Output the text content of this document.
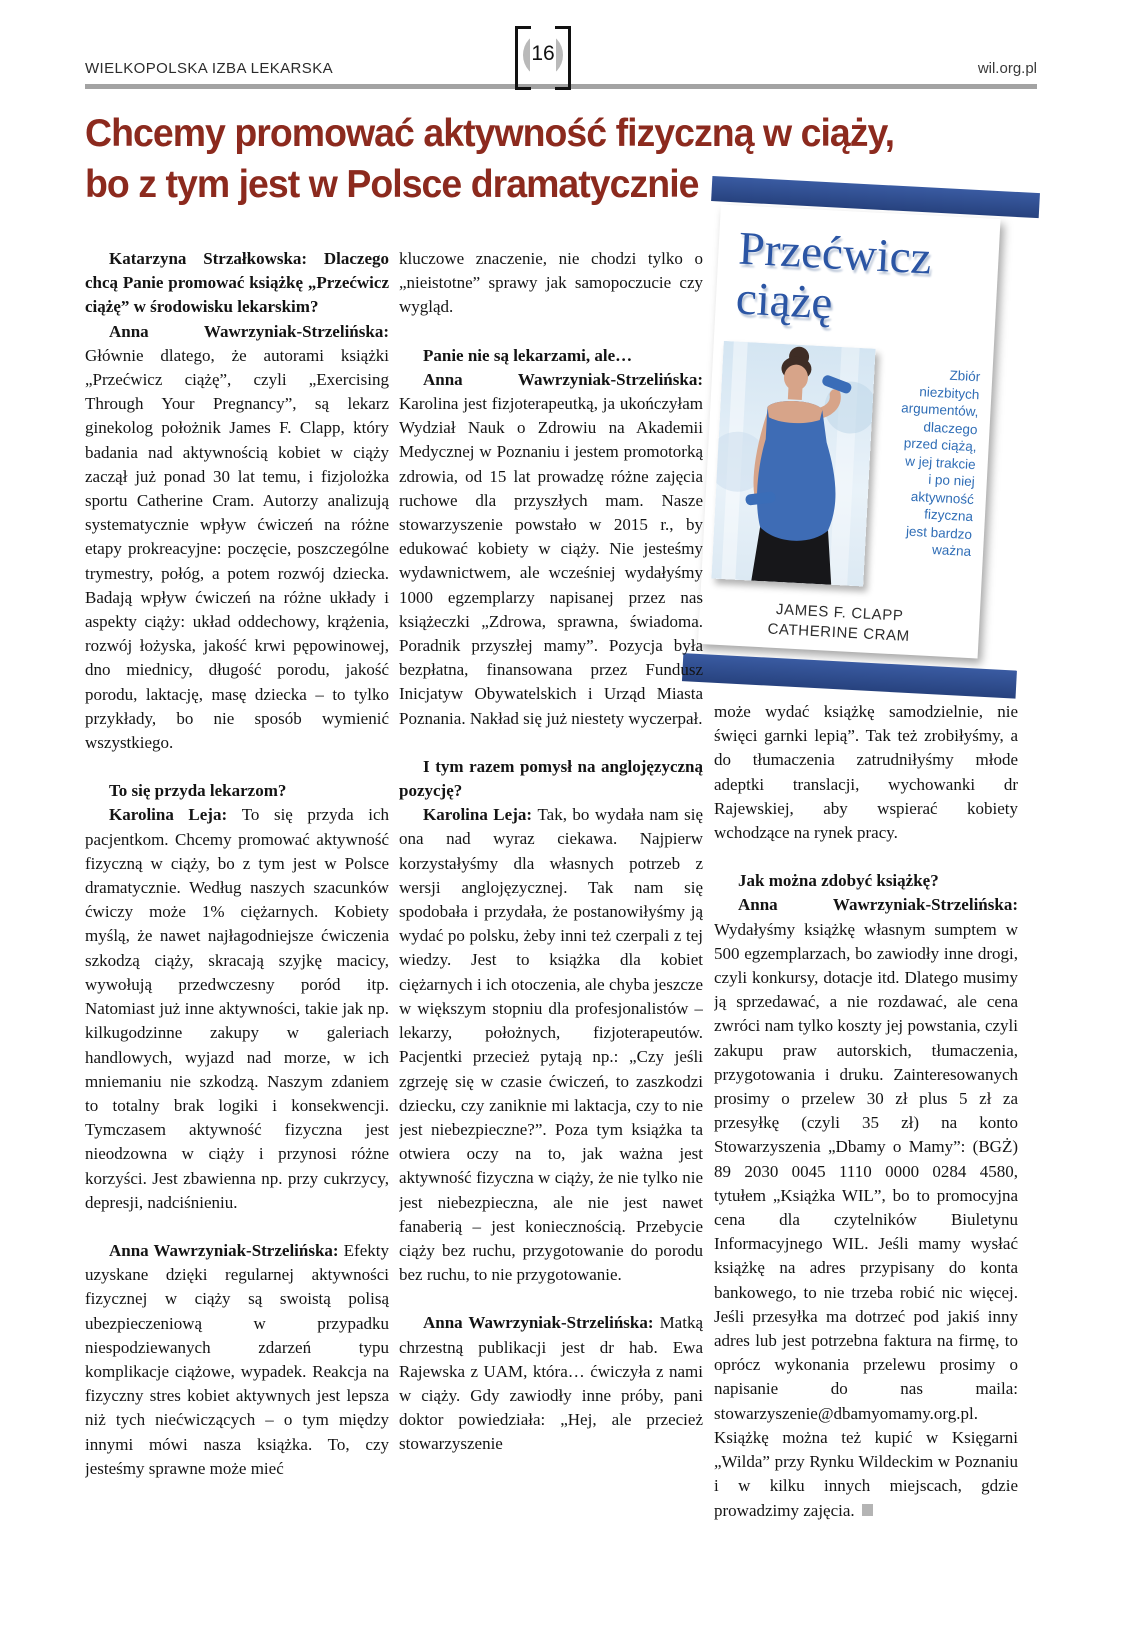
WIELKOPOLSKA IZBA LEKARSKA	wil.org.pl
16
Chcemy promować aktywność fizyczną w ciąży,
bo z tym jest w Polsce dramatycznie
Przećwicz
ciążę
Zbiór
niezbitych
argumentów,
dlaczego
przed ciążą,
w jej trakcie
i po niej
aktywność
fizyczna
jest bardzo
ważna
JAMES F. CLAPP
CATHERINE CRAM

Katarzyna Strzałkowska: Dlaczego chcą Panie promować książkę „Przećwicz ciążę” w środowisku lekarskim?

Anna Wawrzyniak-Strzelińska: Głównie dlatego, że autorami książki „Przećwicz ciążę”, czyli „Exercising Through Your Pregnancy”, są lekarz ginekolog położnik James F. Clapp, który badania nad aktywnością kobiet w ciąży zaczął już ponad 30 lat temu, i fizjolożka sportu Catherine Cram. Autorzy analizują systematycznie wpływ ćwiczeń na różne etapy prokreacyjne: poczęcie, poszczególne trymestry, połóg, a potem rozwój dziecka. Badają wpływ ćwiczeń na różne układy i aspekty ciąży: układ oddechowy, krążenia, rozwój łożyska, jakość krwi pępowinowej, dno miednicy, długość porodu, jakość porodu, laktację, masę dziecka – to tylko przykłady, bo nie sposób wymienić wszystkiego.

To się przyda lekarzom?

Karolina Leja: To się przyda ich pacjentkom. Chcemy promować aktywność fizyczną w ciąży, bo z tym jest w Polsce dramatycznie. Według naszych szacunków ćwiczy może 1% ciężarnych. Kobiety myślą, że nawet najłagodniejsze ćwiczenia szkodzą ciąży, skracają szyjkę macicy, wywołują przedwczesny poród itp. Natomiast już inne aktywności, takie jak np. kilkugodzinne zakupy w galeriach handlowych, wyjazd nad morze, w ich mniemaniu nie szkodzą. Naszym zdaniem to totalny brak logiki i konsekwencji. Tymczasem aktywność fizyczna jest nieodzowna w ciąży i przynosi różne korzyści. Jest zbawienna np. przy cukrzycy, depresji, nadciśnieniu.

Anna Wawrzyniak-Strzelińska: Efekty uzyskane dzięki regularnej aktywności fizycznej w ciąży są swoistą polisą ubezpieczeniową w przypadku niespodziewanych zdarzeń typu komplikacje ciążowe, wypadek. Reakcja na fizyczny stres kobiet aktywnych jest lepsza niż tych niećwiczących – o tym między innymi mówi nasza książka. To, czy jesteśmy sprawne może mieć

kluczowe znaczenie, nie chodzi tylko o „nieistotne” sprawy jak samopoczucie czy wygląd.

Panie nie są lekarzami, ale…

Anna Wawrzyniak-Strzelińska: Karolina jest fizjoterapeutką, ja ukończyłam Wydział Nauk o Zdrowiu na Akademii Medycznej w Poznaniu i jestem promotorką zdrowia, od 15 lat prowadzę różne zajęcia ruchowe dla przyszłych mam. Nasze stowarzyszenie powstało w 2015 r., by edukować kobiety w ciąży. Nie jesteśmy wydawnictwem, ale wcześniej wydałyśmy 1000 egzemplarzy napisanej przez nas książeczki „Zdrowa, sprawna, świadoma. Poradnik przyszłej mamy”. Pozycja była bezpłatna, finansowana przez Fundusz Inicjatyw Obywatelskich i Urząd Miasta Poznania. Nakład się już niestety wyczerpał.

I tym razem pomysł na anglojęzyczną pozycję?

Karolina Leja: Tak, bo wydała nam się ona nad wyraz ciekawa. Najpierw korzystałyśmy dla własnych potrzeb z wersji anglojęzycznej. Tak nam się spodobała i przydała, że postanowiłyśmy ją wydać po polsku, żeby inni też czerpali z tej wiedzy. Jest to książka dla kobiet ciężarnych i ich otoczenia, ale chyba jeszcze w większym stopniu dla profesjonalistów – lekarzy, położnych, fizjoterapeutów. Pacjentki przecież pytają np.: „Czy jeśli zgrzeję się w czasie ćwiczeń, to zaszkodzi dziecku, czy zaniknie mi laktacja, czy to nie jest niebezpieczne?”. Poza tym książka ta otwiera oczy na to, jak ważna jest aktywność fizyczna w ciąży, że nie tylko nie jest niebezpieczna, ale nie jest nawet fanaberią – jest koniecznością. Przebycie ciąży bez ruchu, przygotowanie do porodu bez ruchu, to nie przygotowanie.

Anna Wawrzyniak-Strzelińska: Matką chrzestną publikacji jest dr hab. Ewa Rajewska z UAM, która… ćwiczyła z nami w ciąży. Gdy zawiodły inne próby, pani doktor powiedziała: „Hej, ale przecież stowarzyszenie

może wydać książkę samodzielnie, nie święci garnki lepią”. Tak też zrobiłyśmy, a do tłumaczenia zatrudniłyśmy młode adeptki translacji, wychowanki dr Rajewskiej, aby wspierać kobiety wchodzące na rynek pracy.

Jak można zdobyć książkę?

Anna Wawrzyniak-Strzelińska: Wydałyśmy książkę własnym sumptem w 500 egzemplarzach, bo zawiodły inne drogi, czyli konkursy, dotacje itd. Dlatego musimy ją sprzedawać, a nie rozdawać, ale cena zwróci nam tylko koszty jej powstania, czyli zakupu praw autorskich, tłumaczenia, przygotowania i druku. Zainteresowanych prosimy o przelew 30 zł plus 5 zł za przesyłkę (czyli 35 zł) na konto Stowarzyszenia „Dbamy o Mamy”: (BGŻ) 89 2030 0045 1110 0000 0284 4580, tytułem „Książka WIL”, bo to promocyjna cena dla czytelników Biuletynu Informacyjnego WIL. Jeśli mamy wysłać książkę na adres przypisany do konta bankowego, to nie trzeba robić nic więcej. Jeśli przesyłka ma dotrzeć pod jakiś inny adres lub jest potrzebna faktura na firmę, to oprócz wykonania przelewu prosimy o napisanie do nas maila: stowarzyszenie@dbamyomamy.org.pl. Książkę można też kupić w Księgarni „Wilda” przy Rynku Wildeckim w Poznaniu i w kilku innych miejscach, gdzie prowadzimy zajęcia.
